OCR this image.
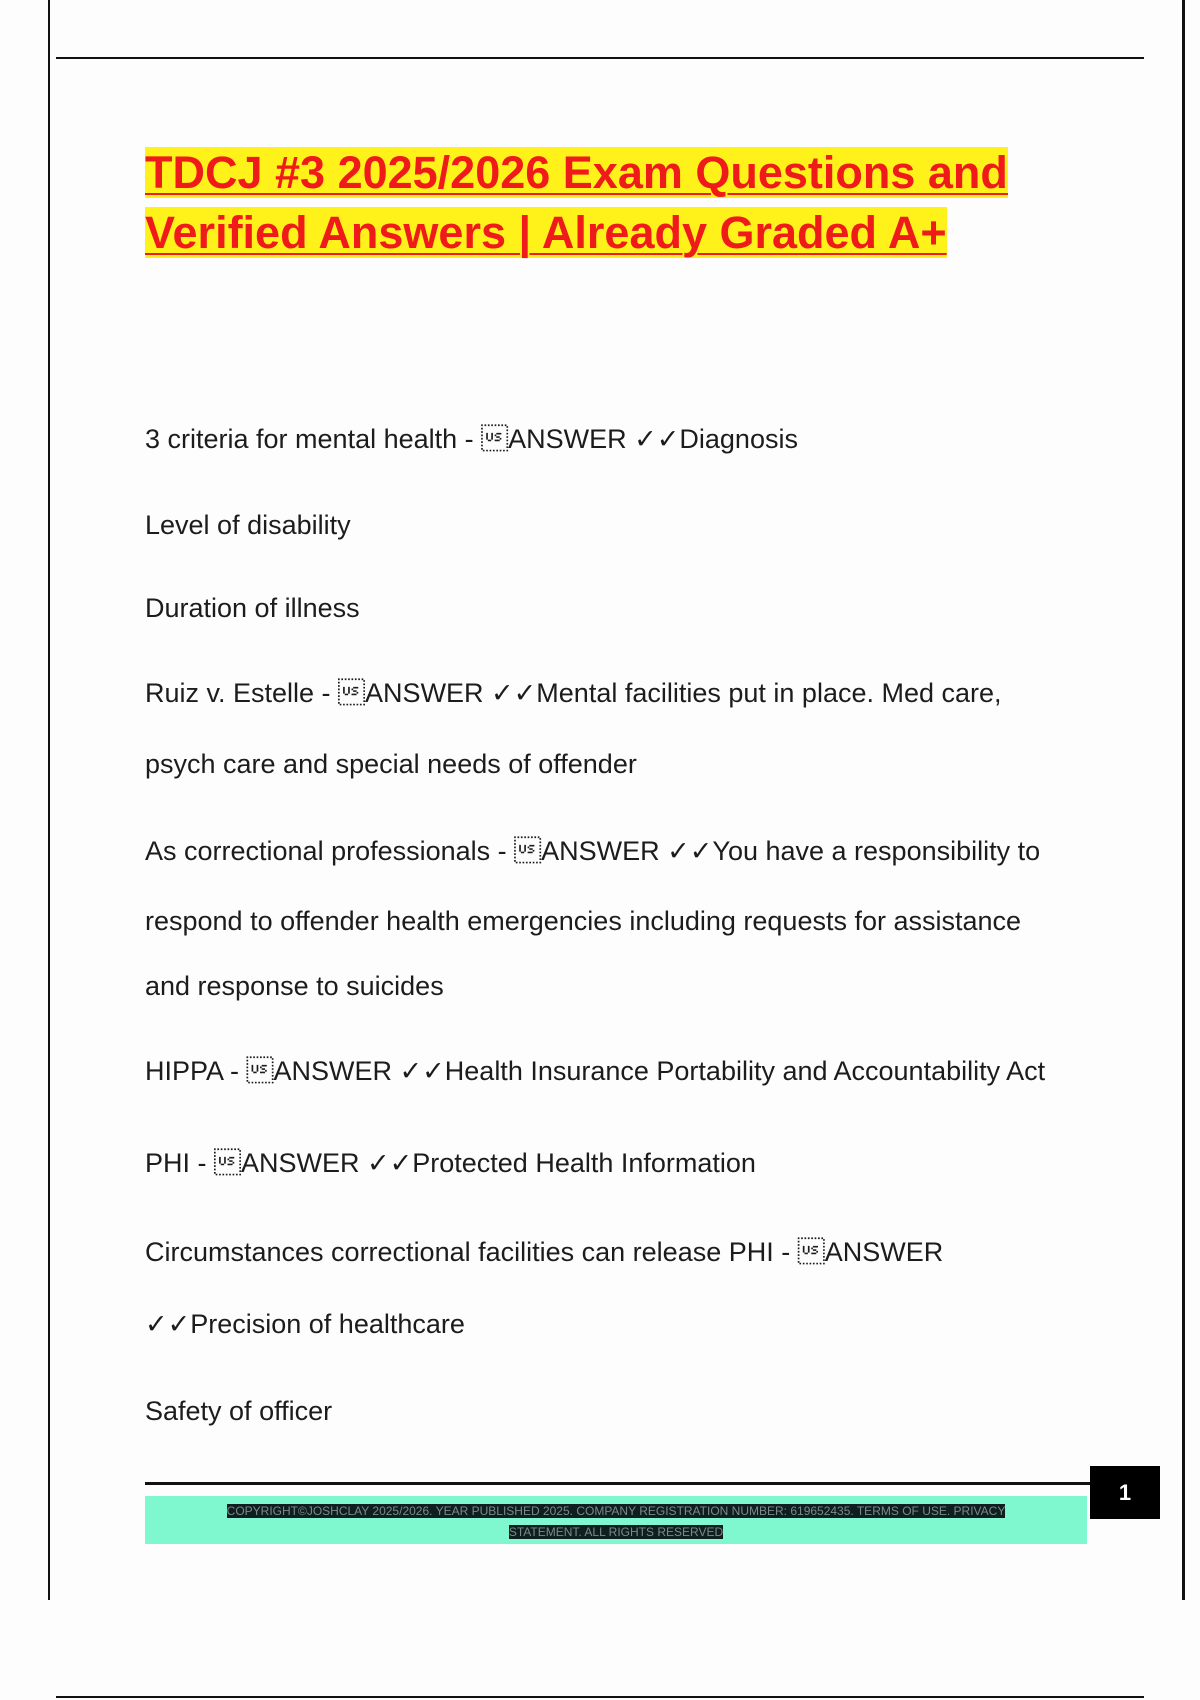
TDCJ #3 2025/2026 Exam Questions and Verified Answers | Already Graded A+

3 criteria for mental health - ANSWER ✓✓Diagnosis

Level of disability

Duration of illness

Ruiz v. Estelle - ANSWER ✓✓Mental facilities put in place. Med care,

psych care and special needs of offender

As correctional professionals - ANSWER ✓✓You have a responsibility to

respond to offender health emergencies including requests for assistance

and response to suicides

HIPPA - ANSWER ✓✓Health Insurance Portability and Accountability Act

PHI - ANSWER ✓✓Protected Health Information

Circumstances correctional facilities can release PHI - ANSWER

✓✓Precision of healthcare

Safety of officer

1
COPYRIGHT©JOSHCLAY 2025/2026. YEAR PUBLISHED 2025. COMPANY REGISTRATION NUMBER: 619652435. TERMS OF USE. PRIVACY
STATEMENT. ALL RIGHTS RESERVED
